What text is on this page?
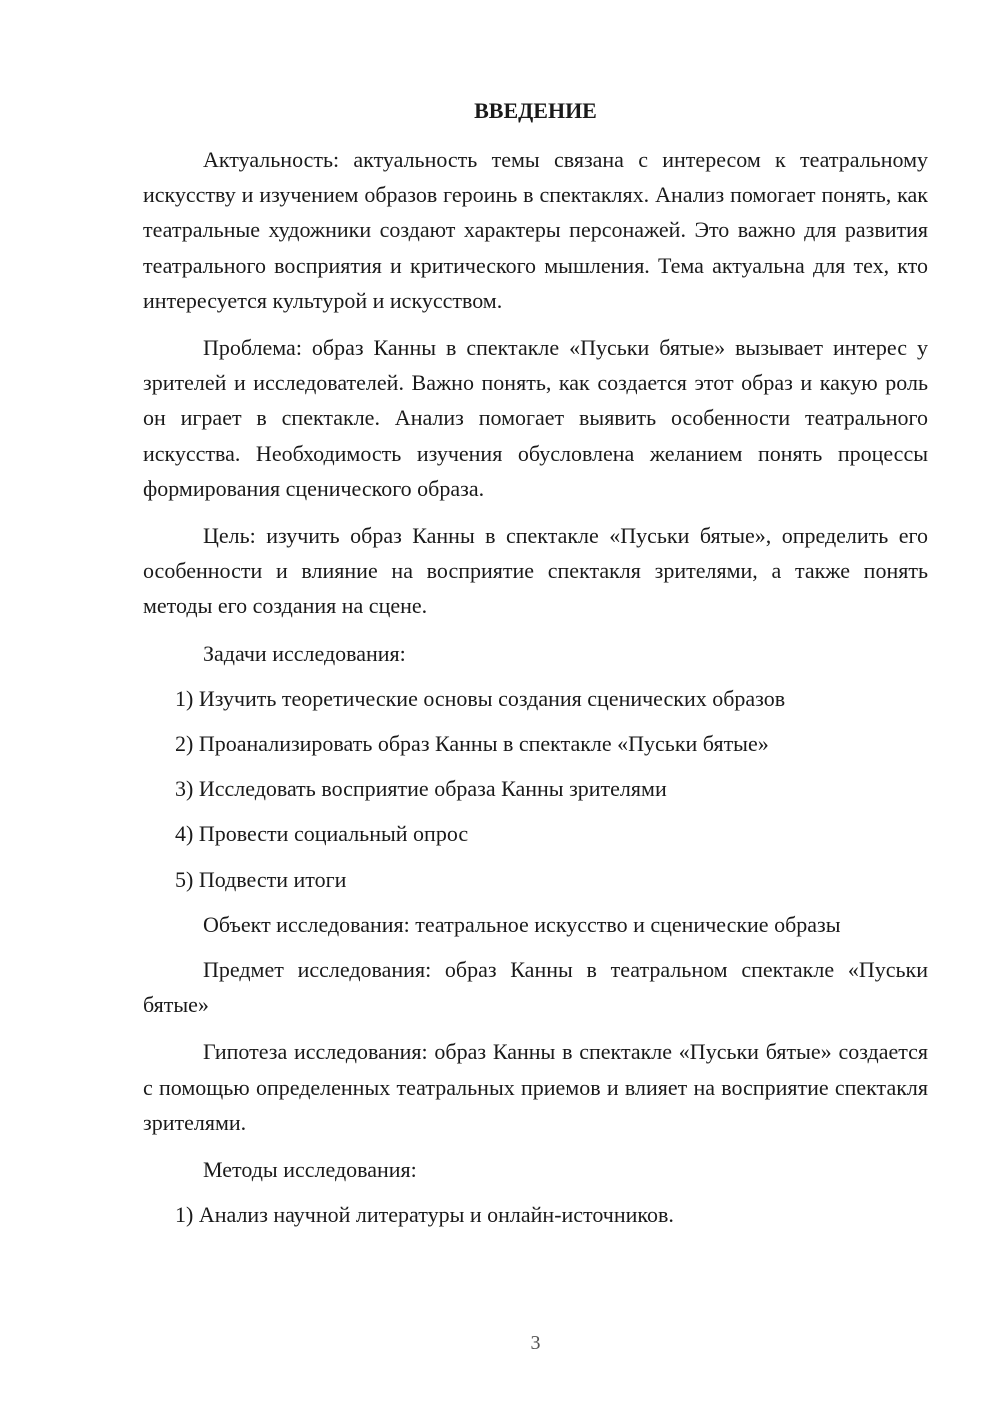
ВВЕДЕНИЕ

Актуальность: актуальность темы связана с интересом к театральному искусству и изучением образов героинь в спектаклях. Анализ помогает понять, как театральные художники создают характеры персонажей. Это важно для развития театрального восприятия и критического мышления. Тема актуальна для тех, кто интересуется культурой и искусством.

Проблема: образ Канны в спектакле «Пуськи бятые» вызывает интерес у зрителей и исследователей. Важно понять, как создается этот образ и какую роль он играет в спектакле. Анализ помогает выявить особенности театрального искусства. Необходимость изучения обусловлена желанием понять процессы формирования сценического образа.

Цель: изучить образ Канны в спектакле «Пуськи бятые», определить его особенности и влияние на восприятие спектакля зрителями, а также понять методы его создания на сцене.

Задачи исследования:

1) Изучить теоретические основы создания сценических образов

2) Проанализировать образ Канны в спектакле «Пуськи бятые»

3) Исследовать восприятие образа Канны зрителями

4) Провести социальный опрос

5) Подвести итоги

Объект исследования: театральное искусство и сценические образы

Предмет исследования: образ Канны в театральном спектакле «Пуськи бятые»

Гипотеза исследования: образ Канны в спектакле «Пуськи бятые» создается с помощью определенных театральных приемов и влияет на восприятие спектакля зрителями.

Методы исследования:

1) Анализ научной литературы и онлайн-источников.

3
